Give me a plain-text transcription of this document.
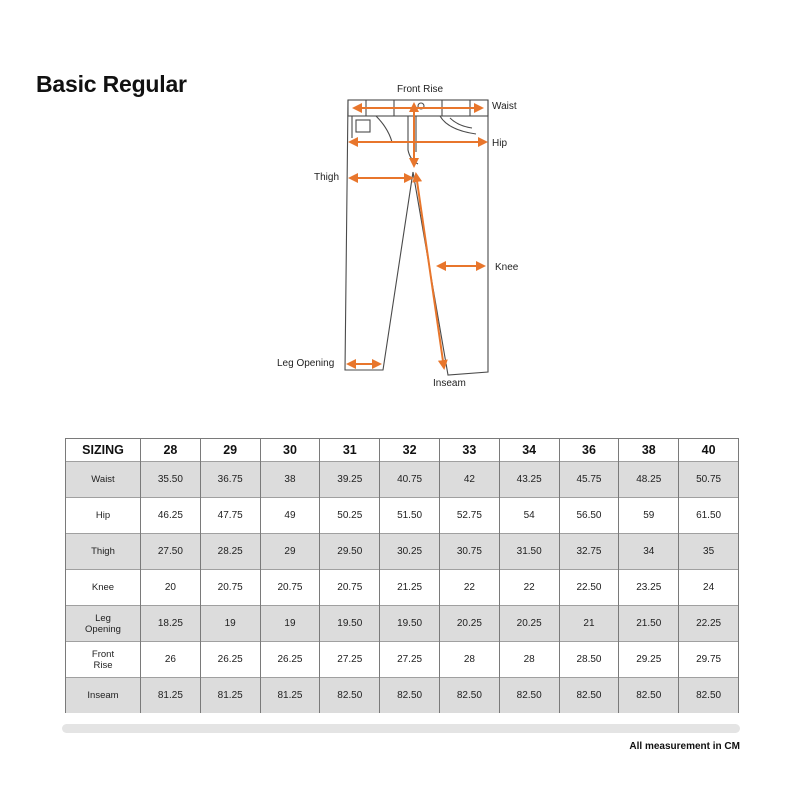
Basic Regular	Front Rise
Waist
Hip
Thigh
Knee
Leg Opening
Inseam
SIZING	28	29	30	31	32	33	34	36	38	40
Waist	35.50	36.75	38	39.25	40.75	42	43.25	45.75	48.25	50.75
Hip	46.25	47.75	49	50.25	51.50	52.75	54	56.50	59	61.50
Thigh	27.50	28.25	29	29.50	30.25	30.75	31.50	32.75	34	35
Knee	20	20.75	20.75	20.75	21.25	22	22	22.50	23.25	24
Leg
Opening	18.25	19	19	19.50	19.50	20.25	20.25	21	21.50	22.25
Front
Rise	26	26.25	26.25	27.25	27.25	28	28	28.50	29.25	29.75
Inseam	81.25	81.25	81.25	82.50	82.50	82.50	82.50	82.50	82.50	82.50
All measurement in CM
